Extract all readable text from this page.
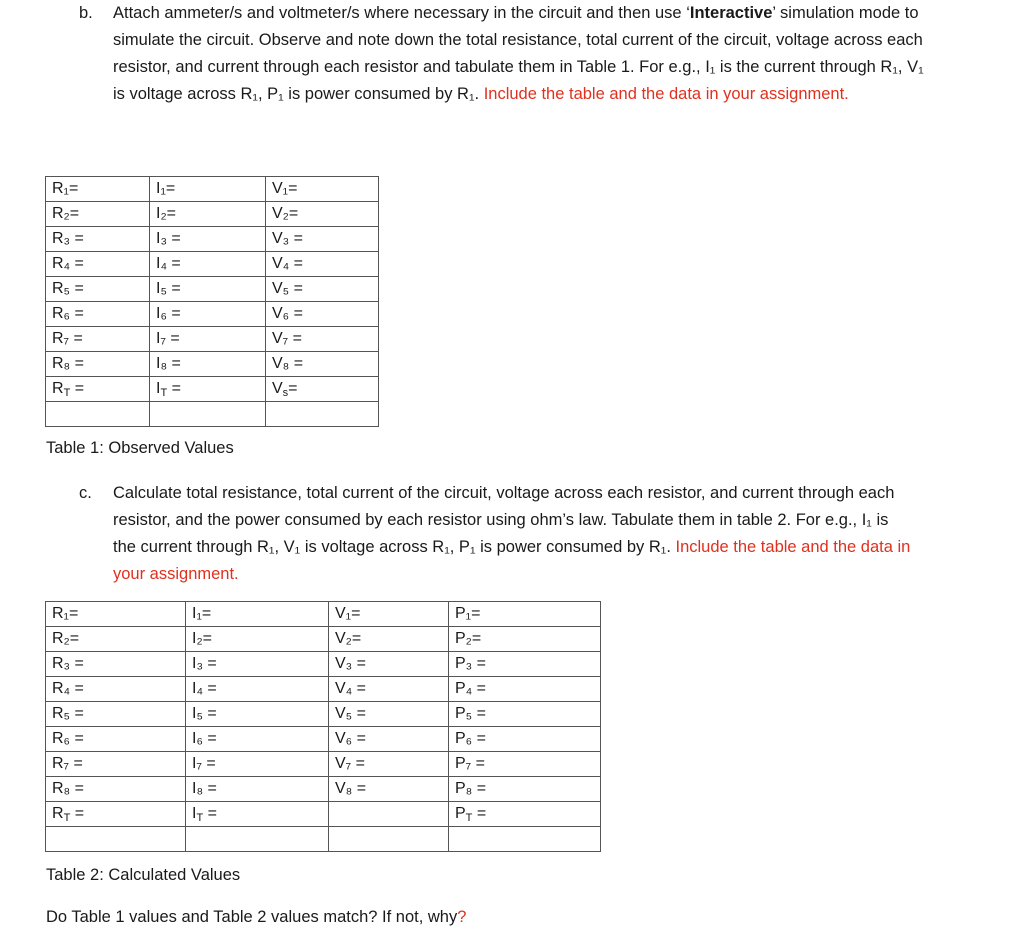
b. Attach ammeter/s and voltmeter/s where necessary in the circuit and then use ‘Interactive’ simulation mode to simulate the circuit. Observe and note down the total resistance, total current of the circuit, voltage across each resistor, and current through each resistor and tabulate them in Table 1. For e.g., I₁ is the current through R₁, V₁ is voltage across R₁, P₁ is power consumed by R₁. Include the table and the data in your assignment.
R₁=	I₁=	V₁=
R₂=	I₂=	V₂=
R₃ =	I₃ =	V₃ =
R₄ =	I₄ =	V₄ =
R₅ =	I₅ =	V₅ =
R₆ =	I₆ =	V₆ =
R₇ =	I₇ =	V₇ =
R₈ =	I₈ =	V₈ =
$R_T$ =	$I_T$ =	$V_s=$

Table 1: Observed Values
c. Calculate total resistance, total current of the circuit, voltage across each resistor, and current through each resistor, and the power consumed by each resistor using ohm’s law. Tabulate them in table 2. For e.g., I₁ is the current through R₁, V₁ is voltage across R₁, P₁ is power consumed by R₁. Include the table and the data in your assignment.
R₁=	I₁=	V₁=	P₁=
R₂=	I₂=	V₂=	P₂=
R₃ =	I₃ =	V₃ =	P₃ =
R₄ =	I₄ =	V₄ =	P₄ =
R₅ =	I₅ =	V₅ =	P₅ =
R₆ =	I₆ =	V₆ =	P₆ =
R₇ =	I₇ =	V₇ =	P₇ =
R₈ =	I₈ =	V₈ =	P₈ =
$R_T$ =	$I_T$ =		$P_T$ =

Table 2: Calculated Values
Do Table 1 values and Table 2 values match? If not, why?
